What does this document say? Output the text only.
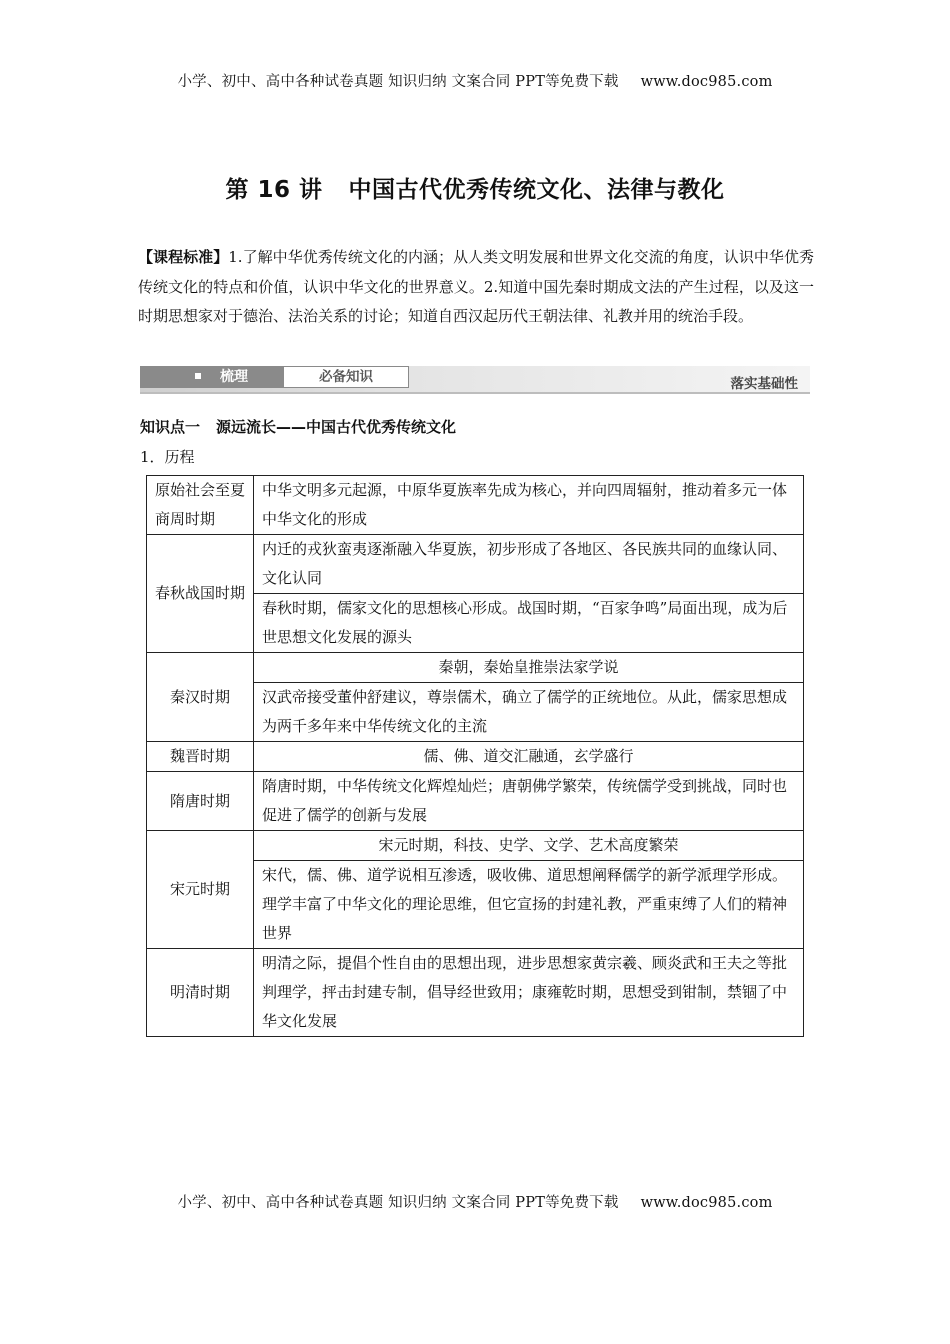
小学、初中、高中各种试卷真题 知识归纳 文案合同 PPT等免费下载 www.doc985.com
第 16 讲 中国古代优秀传统文化、法律与教化

【课程标准】1.了解中华优秀传统文化的内涵；从人类文明发展和世界文化交流的角度，认识中华优秀传统文化的特点和价值，认识中华文化的世界意义。2.知道中国先秦时期成文法的产生过程，以及这一时期思想家对于德治、法治关系的讨论；知道自西汉起历代王朝法律、礼教并用的统治手段。

梳理	必备知识	落实基础性
知识点一 源远流长——中国古代优秀传统文化
1．历程
原始社会至夏商周时期	中华文明多元起源，中原华夏族率先成为核心，并向四周辐射，推动着多元一体中华文化的形成
春秋战国时期	内迁的戎狄蛮夷逐渐融入华夏族，初步形成了各地区、各民族共同的血缘认同、文化认同
	春秋时期，儒家文化的思想核心形成。战国时期，“百家争鸣”局面出现，成为后世思想文化发展的源头
秦汉时期	秦朝，秦始皇推崇法家学说
	汉武帝接受董仲舒建议，尊崇儒术，确立了儒学的正统地位。从此，儒家思想成为两千多年来中华传统文化的主流
魏晋时期	儒、佛、道交汇融通，玄学盛行
隋唐时期	隋唐时期，中华传统文化辉煌灿烂；唐朝佛学繁荣，传统儒学受到挑战，同时也促进了儒学的创新与发展
宋元时期	宋元时期，科技、史学、文学、艺术高度繁荣
	宋代，儒、佛、道学说相互渗透，吸收佛、道思想阐释儒学的新学派理学形成。理学丰富了中华文化的理论思维，但它宣扬的封建礼教，严重束缚了人们的精神世界
明清时期	明清之际，提倡个性自由的思想出现，进步思想家黄宗羲、顾炎武和王夫之等批判理学，抨击封建专制，倡导经世致用；康雍乾时期，思想受到钳制，禁锢了中华文化发展
小学、初中、高中各种试卷真题 知识归纳 文案合同 PPT等免费下载 www.doc985.com
